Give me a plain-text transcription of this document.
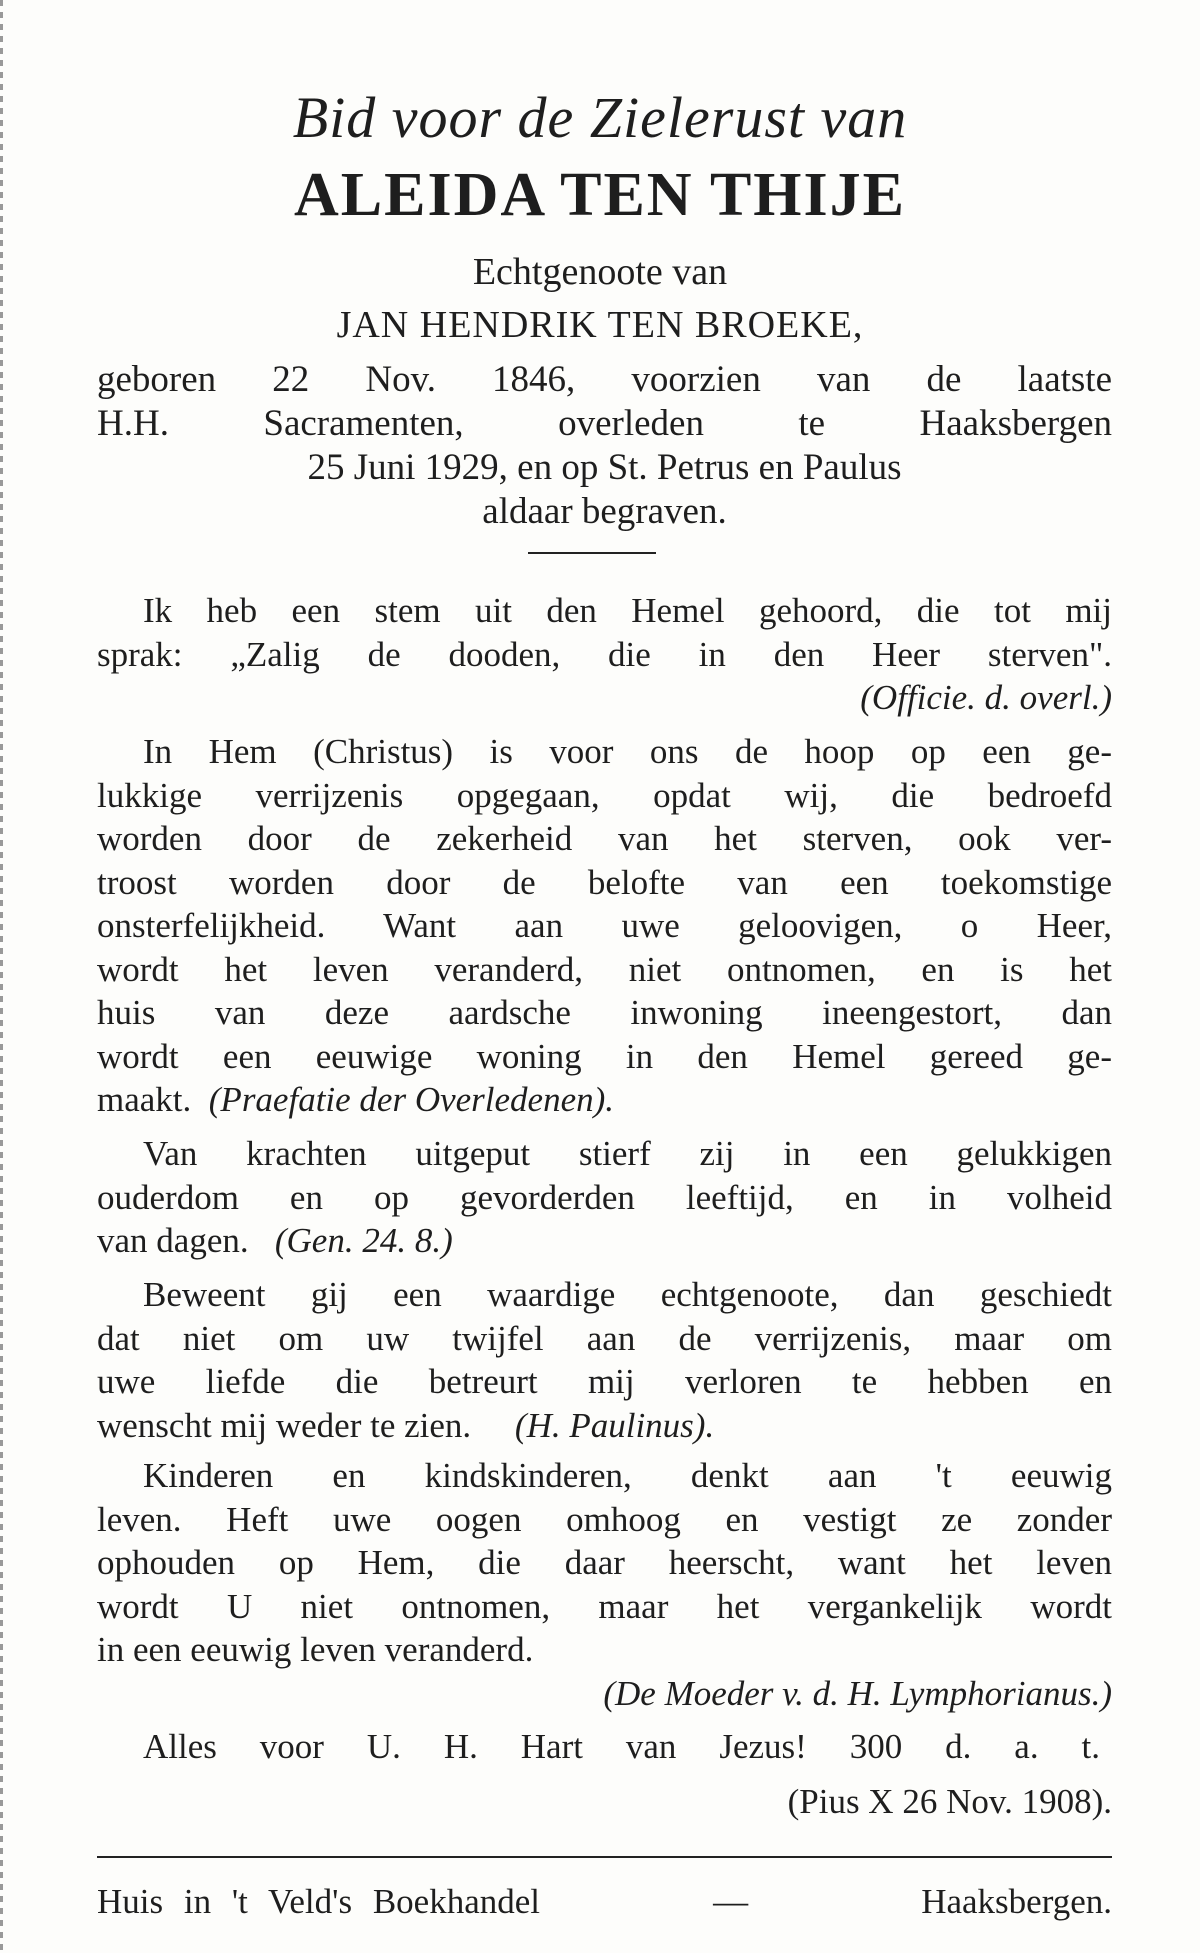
Bid voor de Zielerust van
ALEIDA TEN THIJE
Echtgenoote van
JAN HENDRIK TEN BROEKE,
geboren 22 Nov. 1846, voorzien van de laatste
H.H. Sacramenten, overleden te Haaksbergen
25 Juni 1929, en op St. Petrus en Paulus
aldaar begraven.
Ik heb een stem uit den Hemel gehoord, die tot mij
sprak: „Zalig de dooden, die in den Heer sterven".
(Officie. d. overl.)
In Hem (Christus) is voor ons de hoop op een ge-
lukkige verrijzenis opgegaan, opdat wij, die bedroefd
worden door de zekerheid van het sterven, ook ver-
troost worden door de belofte van een toekomstige
onsterfelijkheid. Want aan uwe geloovigen, o Heer,
wordt het leven veranderd, niet ontnomen, en is het
huis van deze aardsche inwoning ineengestort, dan
wordt een eeuwige woning in den Hemel gereed ge-
maakt. (Praefatie der Overledenen).
Van krachten uitgeput stierf zij in een gelukkigen
ouderdom en op gevorderden leeftijd, en in volheid
van dagen. (Gen. 24. 8.)
Beweent gij een waardige echtgenoote, dan geschiedt
dat niet om uw twijfel aan de verrijzenis, maar om
uwe liefde die betreurt mij verloren te hebben en
wenscht mij weder te zien. (H. Paulinus).
Kinderen en kindskinderen, denkt aan 't eeuwig
leven. Heft uwe oogen omhoog en vestigt ze zonder
ophouden op Hem, die daar heerscht, want het leven
wordt U niet ontnomen, maar het vergankelijk wordt
in een eeuwig leven veranderd.
(De Moeder v. d. H. Lymphorianus.)
Alles voor U. H. Hart van Jezus! 300 d. a. t.
(Pius X 26 Nov. 1908).
Huis in 't Veld's Boekhandel	—	Haaksbergen.
